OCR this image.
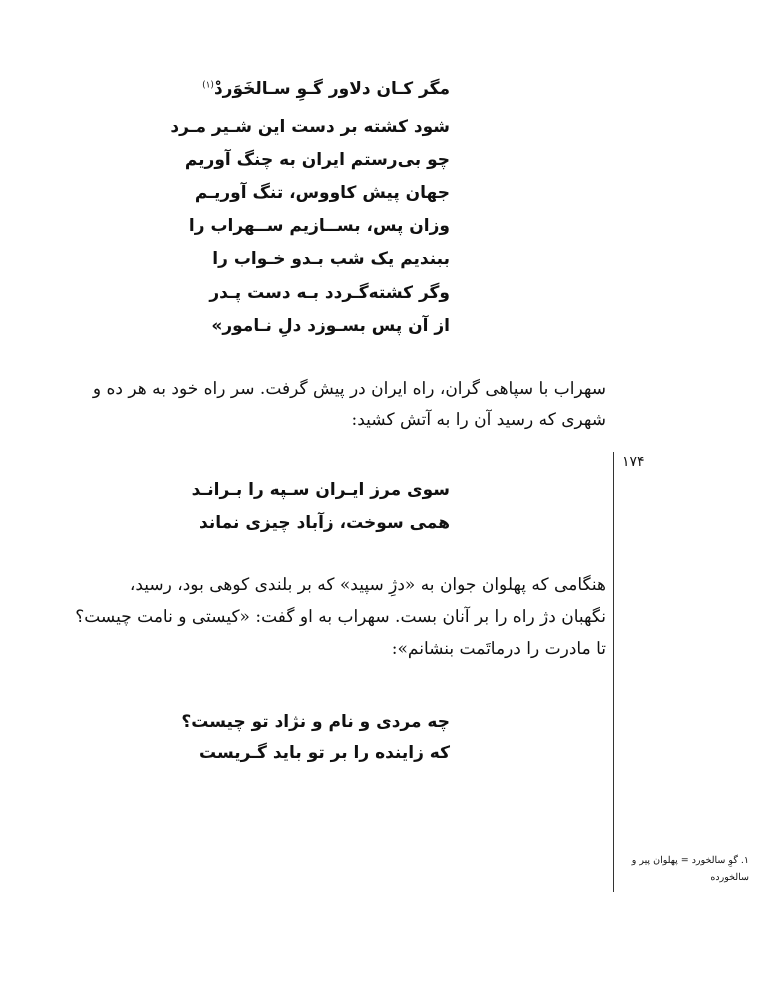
مگر کـان دلاور گـوِ سـالخَوَردْ$^{(۱)}$
شود کشته بر دست این شـیر مـرد
چو بی‌رستم ایران به چنگ آوریم
جهان پیش کاووس، تنگ آوریـم
وزان پس، بســازیم ســهراب را
ببندیم یک شب بـدو خـواب را
وگر کشته‌گـردد بـه دست پـدر
از آن پس بسـوزد دلِ نـامور»
سهراب با سپاهی گران، راه ایران در پیش گرفت. سر راه خود به هر ده و
شهری که رسید آن را به آتش کشید:
۱۷۴
سوی مرز ایـران سـپه را بـرانـد
همی سوخت، زآباد چیزی نماند
هنگامی که پهلوان جوان به «دژِ سپید» که بر بلندی کوهی بود، رسید،
نگهبان دژ راه را بر آنان بست. سهراب به او گفت: «کیستی و نامت چیست؟
تا مادرت را درماتَمت بنشانم»:
چه مردی و نام و نژاد تو چیست؟
که زاینده را بر تو باید گـریست
۱. گوِ سالخورد = پهلوان پیر و
سالخورده
